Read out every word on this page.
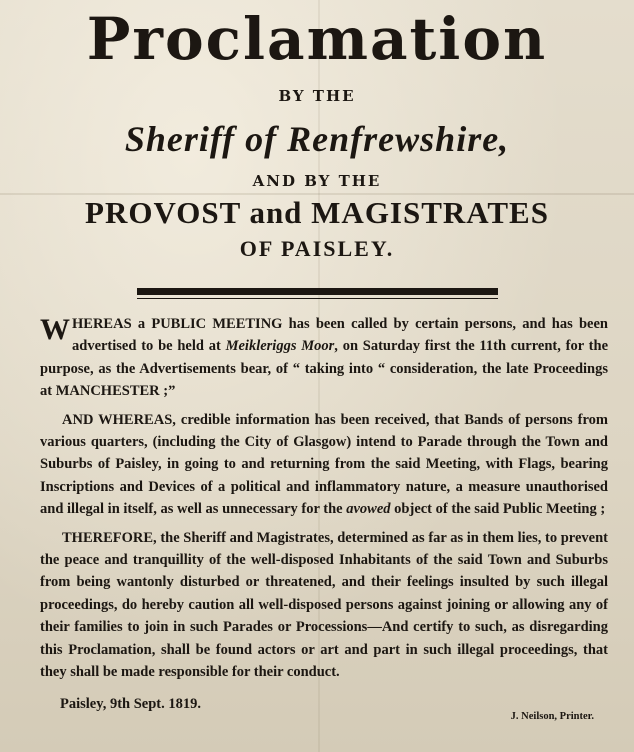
Proclamation
BY THE
Sheriff of Renfrewshire,
AND BY THE
PROVOST and MAGISTRATES
OF PAISLEY.

WHEREAS a PUBLIC MEETING has been called by certain persons, and has been advertised to be held at Meikleriggs Moor, on Saturday first the 11th current, for the purpose, as the Advertisements bear, of “ taking into “ consideration, the late Proceedings at MANCHESTER ;”

AND WHEREAS, credible information has been received, that Bands of persons from various quarters, (including the City of Glasgow) intend to Parade through the Town and Suburbs of Paisley, in going to and returning from the said Meeting, with Flags, bearing Inscriptions and Devices of a political and inflammatory nature, a measure unauthorised and illegal in itself, as well as unnecessary for the avowed object of the said Public Meeting ;

THEREFORE, the Sheriff and Magistrates, determined as far as in them lies, to prevent the peace and tranquillity of the well-disposed Inhabitants of the said Town and Suburbs from being wantonly disturbed or threatened, and their feelings insulted by such illegal proceedings, do hereby caution all well-disposed persons against joining or allowing any of their families to join in such Parades or Processions—And certify to such, as disregarding this Proclamation, shall be found actors or art and part in such illegal proceedings, that they shall be made responsible for their conduct.

Paisley, 9th Sept. 1819.
J. Neilson, Printer.
